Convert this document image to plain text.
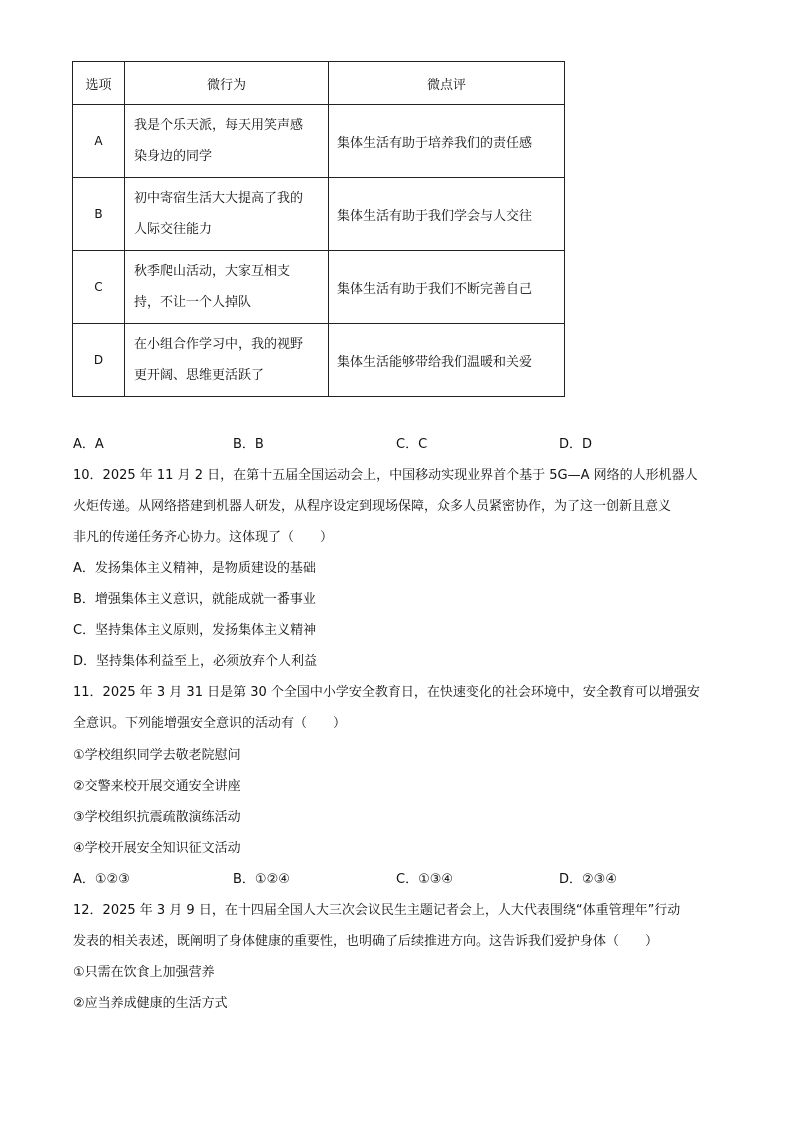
选项	微行为	微点评
A	我是个乐天派，每天用笑声感
染身边的同学	集体生活有助于培养我们的责任感
B	初中寄宿生活大大提高了我的
人际交往能力	集体生活有助于我们学会与人交往
C	秋季爬山活动，大家互相支
持，不让一个人掉队	集体生活有助于我们不断完善自己
D	在小组合作学习中，我的视野
更开阔、思维更活跃了	集体生活能够带给我们温暖和关爱
A．A	B．B	C．C	D．D
10．2025 年 11 月 2 日，在第十五届全国运动会上，中国移动实现业界首个基于 5G—A 网络的人形机器人
火炬传递。从网络搭建到机器人研发，从程序设定到现场保障，众多人员紧密协作，为了这一创新且意义
非凡的传递任务齐心协力。这体现了（　　）
A．发扬集体主义精神，是物质建设的基础
B．增强集体主义意识，就能成就一番事业
C．坚持集体主义原则，发扬集体主义精神
D．坚持集体利益至上，必须放弃个人利益
11．2025 年 3 月 31 日是第 30 个全国中小学安全教育日，在快速变化的社会环境中，安全教育可以增强安
全意识。下列能增强安全意识的活动有（　　）
①学校组织同学去敬老院慰问
②交警来校开展交通安全讲座
③学校组织抗震疏散演练活动
④学校开展安全知识征文活动
A．①②③	B．①②④	C．①③④	D．②③④
12．2025 年 3 月 9 日，在十四届全国人大三次会议民生主题记者会上，人大代表围绕“体重管理年”行动
发表的相关表述，既阐明了身体健康的重要性，也明确了后续推进方向。这告诉我们爱护身体（　　）
①只需在饮食上加强营养
②应当养成健康的生活方式
